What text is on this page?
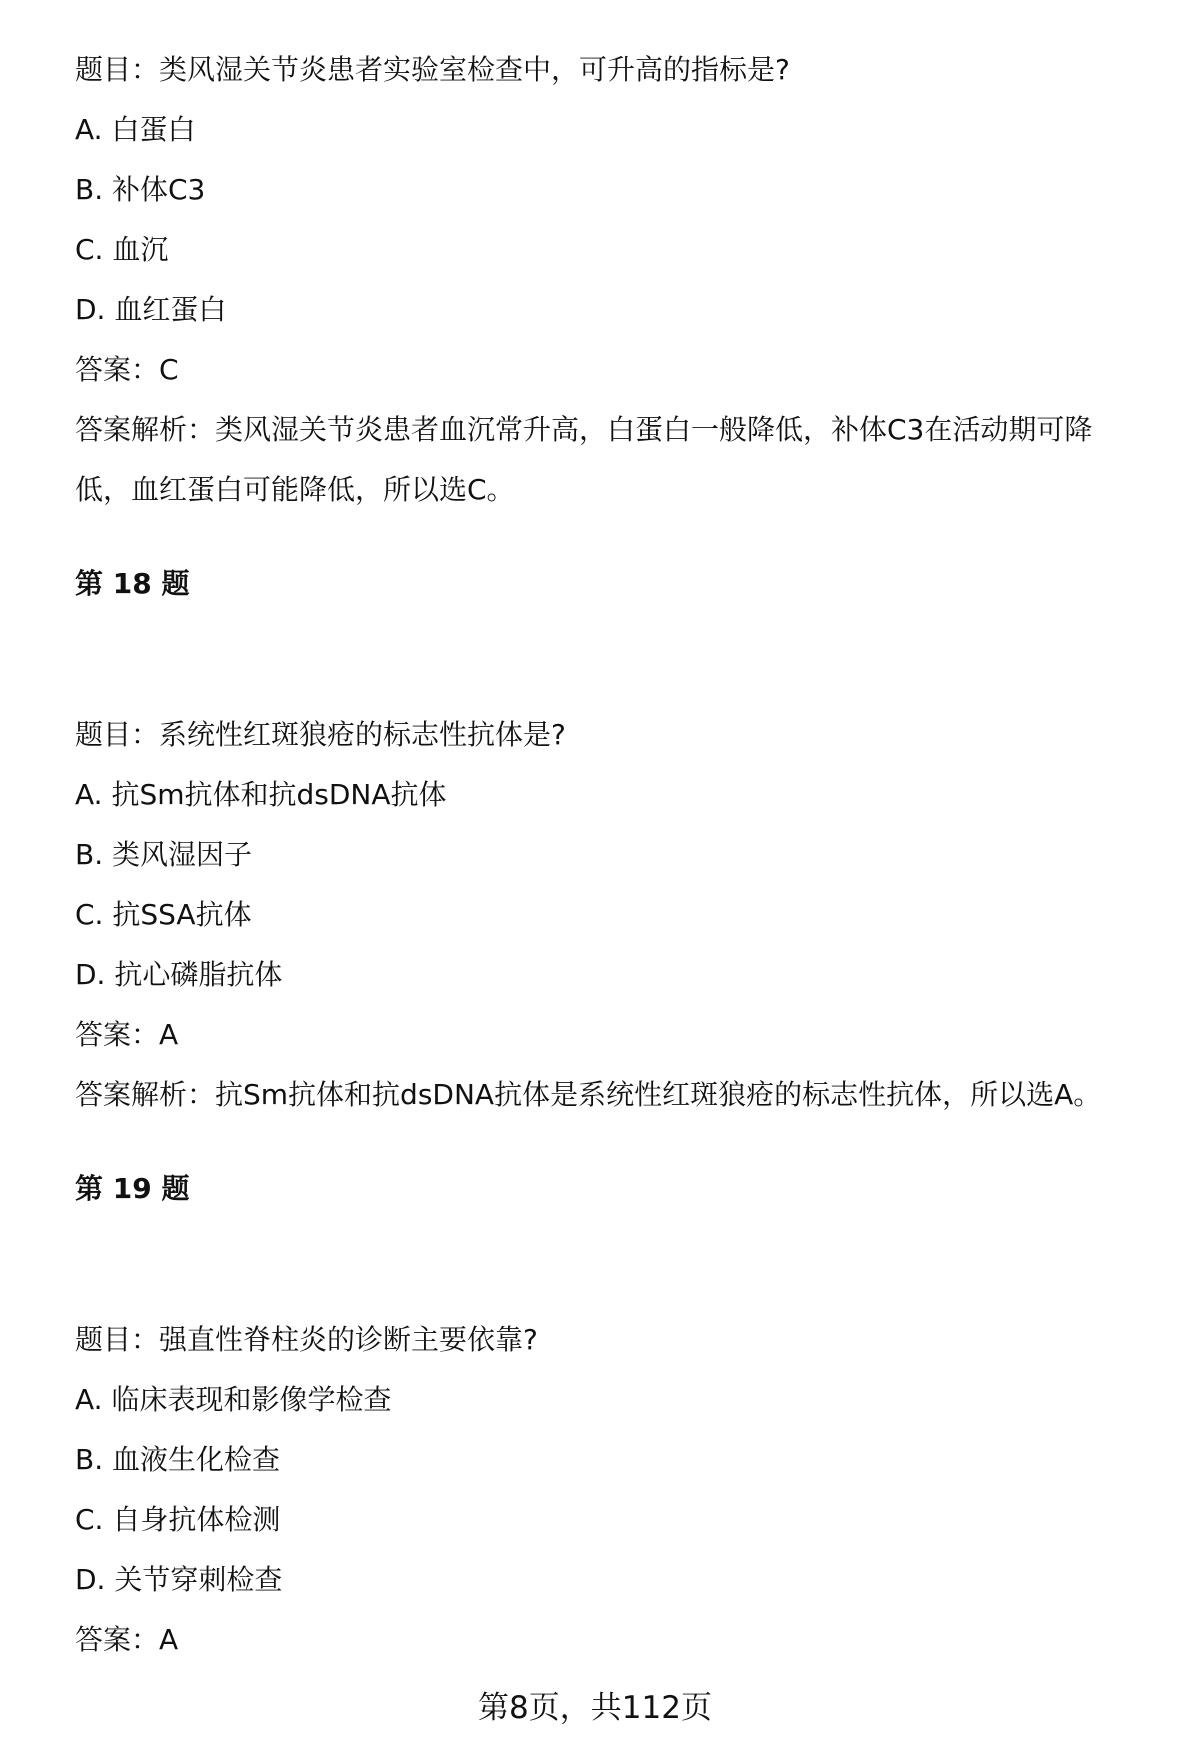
题目：类风湿关节炎患者实验室检查中，可升高的指标是?
A. 白蛋白
B. 补体C3
C. 血沉
D. 血红蛋白
答案：C
答案解析：类风湿关节炎患者血沉常升高，白蛋白一般降低，补体C3在活动期可降
低，血红蛋白可能降低，所以选C。
第 18 题
题目：系统性红斑狼疮的标志性抗体是?
A. 抗Sm抗体和抗dsDNA抗体
B. 类风湿因子
C. 抗SSA抗体
D. 抗心磷脂抗体
答案：A
答案解析：抗Sm抗体和抗dsDNA抗体是系统性红斑狼疮的标志性抗体，所以选A。
第 19 题
题目：强直性脊柱炎的诊断主要依靠?
A. 临床表现和影像学检查
B. 血液生化检查
C. 自身抗体检测
D. 关节穿刺检查
答案：A
第8页，共112页
